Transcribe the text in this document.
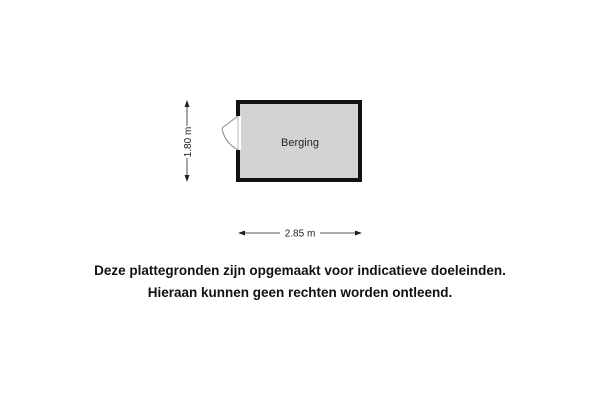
Berging
1.80 m
2.85 m
Deze plattegronden zijn opgemaakt voor indicatieve doeleinden.
Hieraan kunnen geen rechten worden ontleend.
